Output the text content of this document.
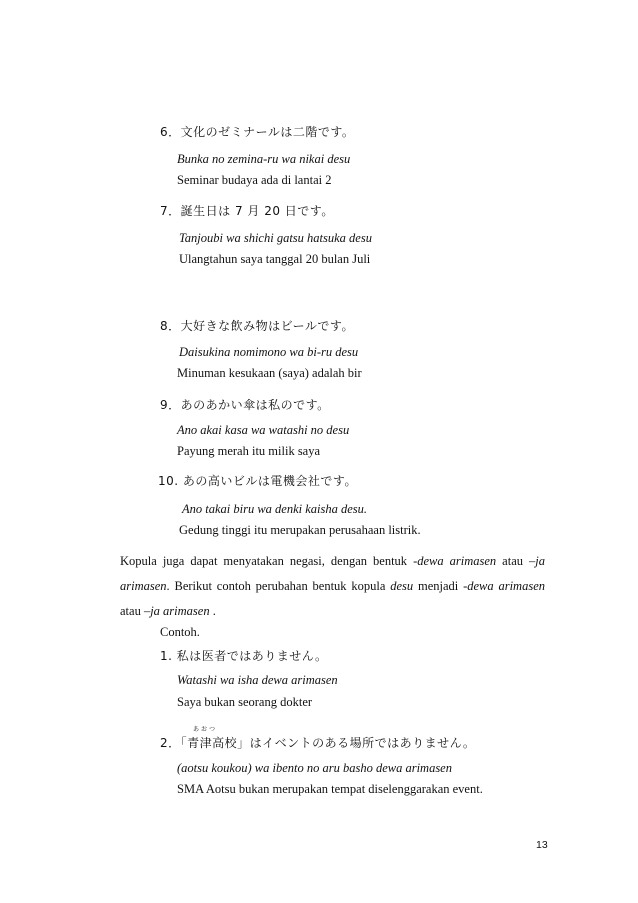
6．文化のゼミナールは二階です。
Bunka no zemina-ru wa nikai desu
Seminar budaya ada di lantai 2
7．誕生日は 7 月 20 日です。
Tanjoubi wa shichi gatsu hatsuka desu
Ulangtahun saya tanggal 20 bulan Juli
8．大好きな飲み物はビールです。
Daisukina nomimono wa bi-ru desu
Minuman kesukaan (saya) adalah bir
9．あのあかい傘は私のです。
Ano akai kasa wa watashi no desu
Payung merah itu milik saya
10. あの高いビルは電機会社です。
Ano takai biru wa denki kaisha desu.
Gedung tinggi itu merupakan perusahaan listrik.
Kopula juga dapat menyatakan negasi, dengan bentuk -dewa arimasen atau –ja
arimasen. Berikut contoh perubahan bentuk kopula desu menjadi -dewa arimasen
atau –ja arimasen .
Contoh.
1. 私は医者ではありません。
Watashi wa isha dewa arimasen
Saya bukan seorang dokter
あおつ
2．「青津高校」はイベントのある場所ではありません。
(aotsu koukou) wa ibento no aru basho dewa arimasen
SMA Aotsu bukan merupakan tempat diselenggarakan event.
13
